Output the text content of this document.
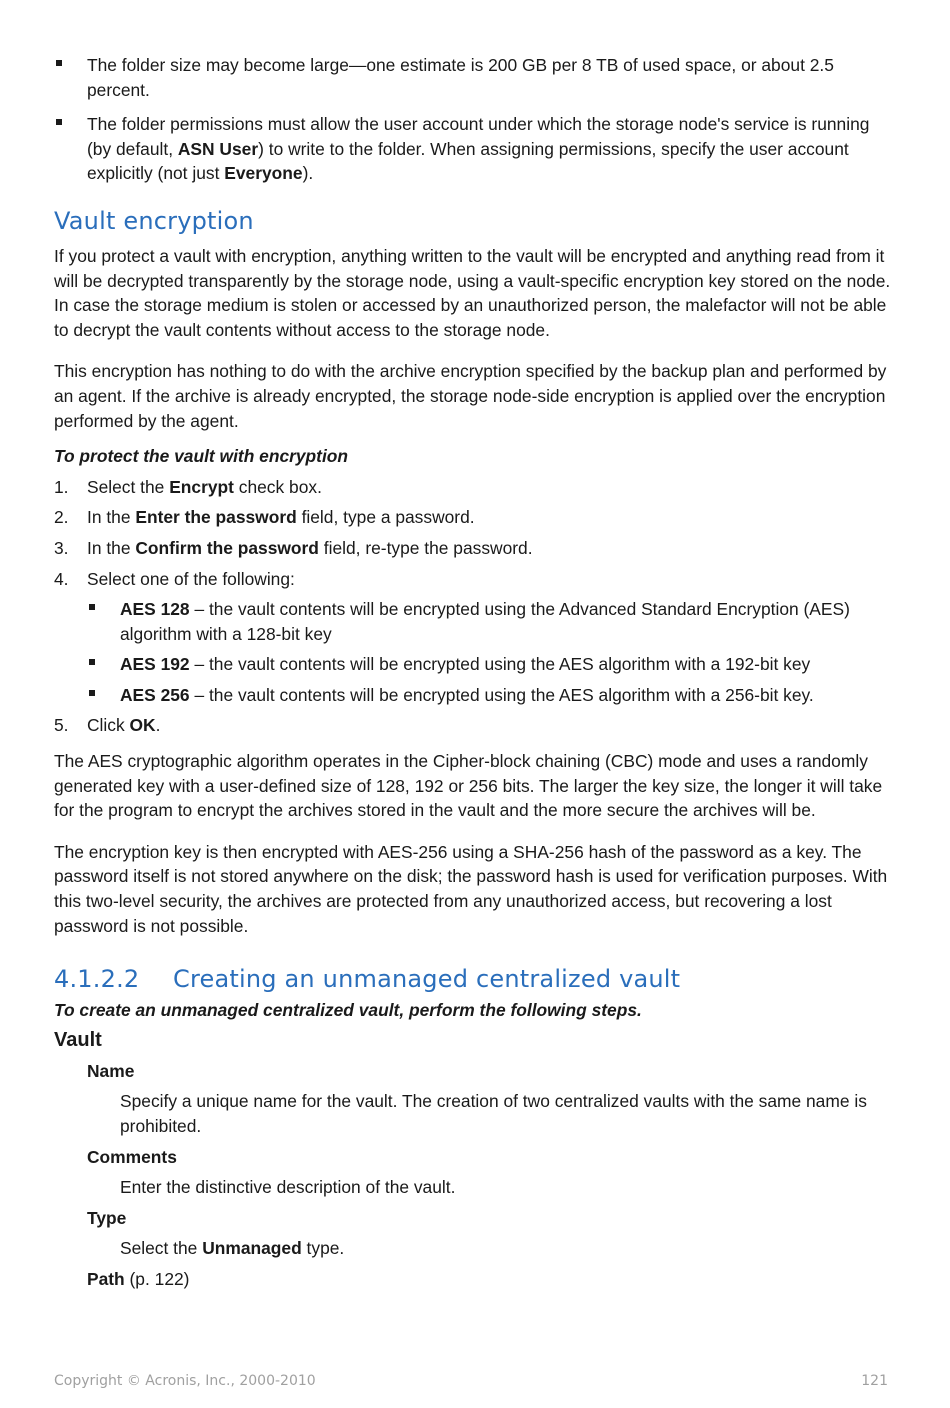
The folder size may become large—one estimate is 200 GB per 8 TB of used space, or about 2.5 percent.

The folder permissions must allow the user account under which the storage node's service is running (by default, ASN User) to write to the folder. When assigning permissions, specify the user account explicitly (not just Everyone).

Vault encryption

If you protect a vault with encryption, anything written to the vault will be encrypted and anything read from it will be decrypted transparently by the storage node, using a vault-specific encryption key stored on the node. In case the storage medium is stolen or accessed by an unauthorized person, the malefactor will not be able to decrypt the vault contents without access to the storage node.

This encryption has nothing to do with the archive encryption specified by the backup plan and performed by an agent. If the archive is already encrypted, the storage node-side encryption is applied over the encryption performed by the agent.

To protect the vault with encryption

1. Select the Encrypt check box.
2. In the Enter the password field, type a password.
3. In the Confirm the password field, re-type the password.
4. Select one of the following:

AES 128 – the vault contents will be encrypted using the Advanced Standard Encryption (AES) algorithm with a 128-bit key

AES 192 – the vault contents will be encrypted using the AES algorithm with a 192-bit key

AES 256 – the vault contents will be encrypted using the AES algorithm with a 256-bit key.

5. Click OK.

The AES cryptographic algorithm operates in the Cipher-block chaining (CBC) mode and uses a randomly generated key with a user-defined size of 128, 192 or 256 bits. The larger the key size, the longer it will take for the program to encrypt the archives stored in the vault and the more secure the archives will be.

The encryption key is then encrypted with AES-256 using a SHA-256 hash of the password as a key. The password itself is not stored anywhere on the disk; the password hash is used for verification purposes. With this two-level security, the archives are protected from any unauthorized access, but recovering a lost password is not possible.

4.1.2.2 Creating an unmanaged centralized vault

To create an unmanaged centralized vault, perform the following steps.

Vault
Name
Specify a unique name for the vault. The creation of two centralized vaults with the same name is prohibited.
Comments
Enter the distinctive description of the vault.
Type
Select the Unmanaged type.
Path (p. 122)
Copyright © Acronis, Inc., 2000-2010	121
